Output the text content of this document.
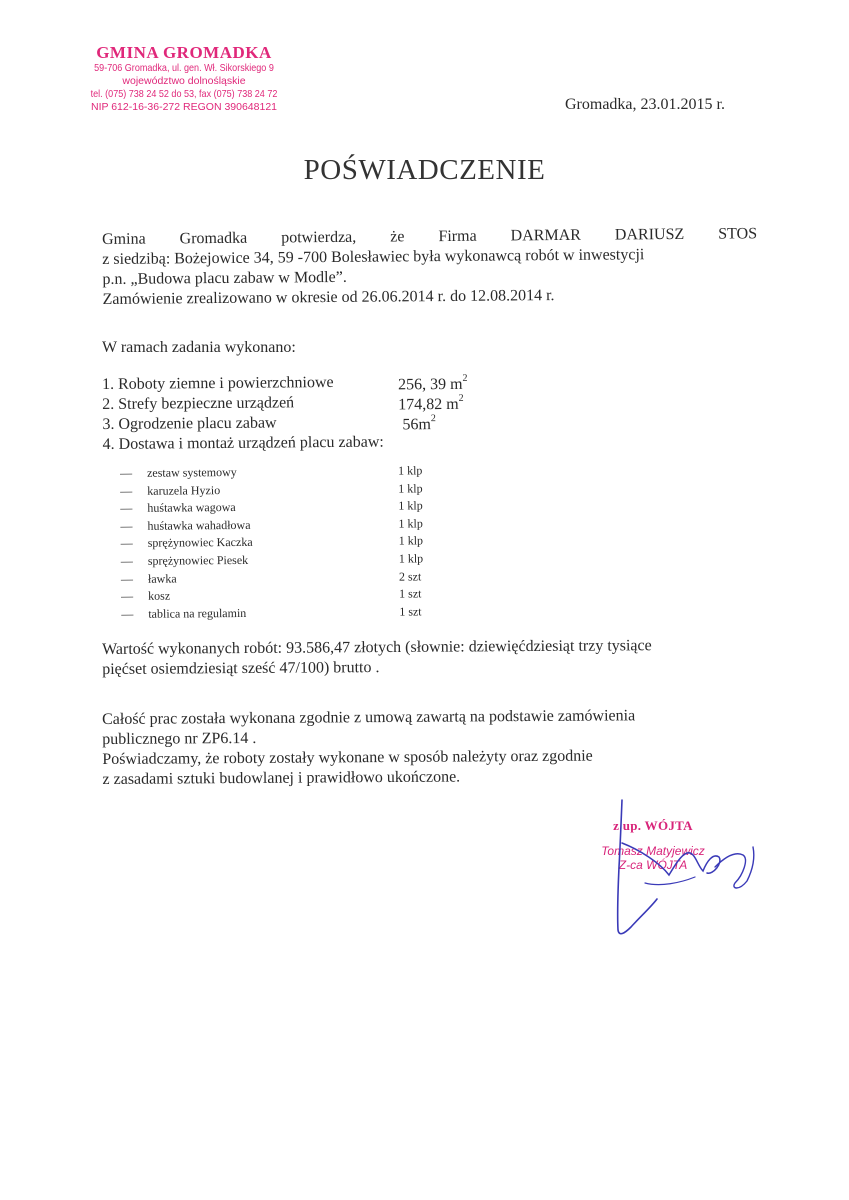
GMINA GROMADKA
59-706 Gromadka, ul. gen. Wł. Sikorskiego 9
województwo dolnośląskie
tel. (075) 738 24 52 do 53, fax (075) 738 24 72
NIP 612-16-36-272 REGON 390648121	Gromadka, 23.01.2015 r.
POŚWIADCZENIE
Gmina Gromadka potwierdza, że Firma DARMAR DARIUSZ STOS
z siedzibą: Bożejowice 34, 59 -700 Bolesławiec była wykonawcą robót w inwestycji
p.n. „Budowa placu zabaw w Modle”.
Zamówienie zrealizowano w okresie od 26.06.2014 r. do 12.08.2014 r.
W ramach zadania wykonano:
1. Roboty ziemne i powierzchniowe	256, 39 $m^2$
2. Strefy bezpieczne urządzeń	174,82 $m^2$
3. Ogrodzenie placu zabaw	$56m^2$
4. Dostawa i montaż urządzeń placu zabaw:
— zestaw systemowy	1 klp
— karuzela Hyzio	1 klp
— huśtawka wagowa	1 klp
— huśtawka wahadłowa	1 klp
— sprężynowiec Kaczka	1 klp
— sprężynowiec Piesek	1 klp
— ławka	2 szt
— kosz	1 szt
— tablica na regulamin	1 szt
Wartość wykonanych robót: 93.586,47 złotych (słownie: dziewięćdziesiąt trzy tysiące
pięćset osiemdziesiąt sześć 47/100) brutto .
Całość prac została wykonana zgodnie z umową zawartą na podstawie zamówienia
publicznego nr ZP6.14 .
Poświadczamy, że roboty zostały wykonane w sposób należyty oraz zgodnie
z zasadami sztuki budowlanej i prawidłowo ukończone.
z up. WÓJTA
Tomasz Matyjewicz
Z-ca WÓJTA
